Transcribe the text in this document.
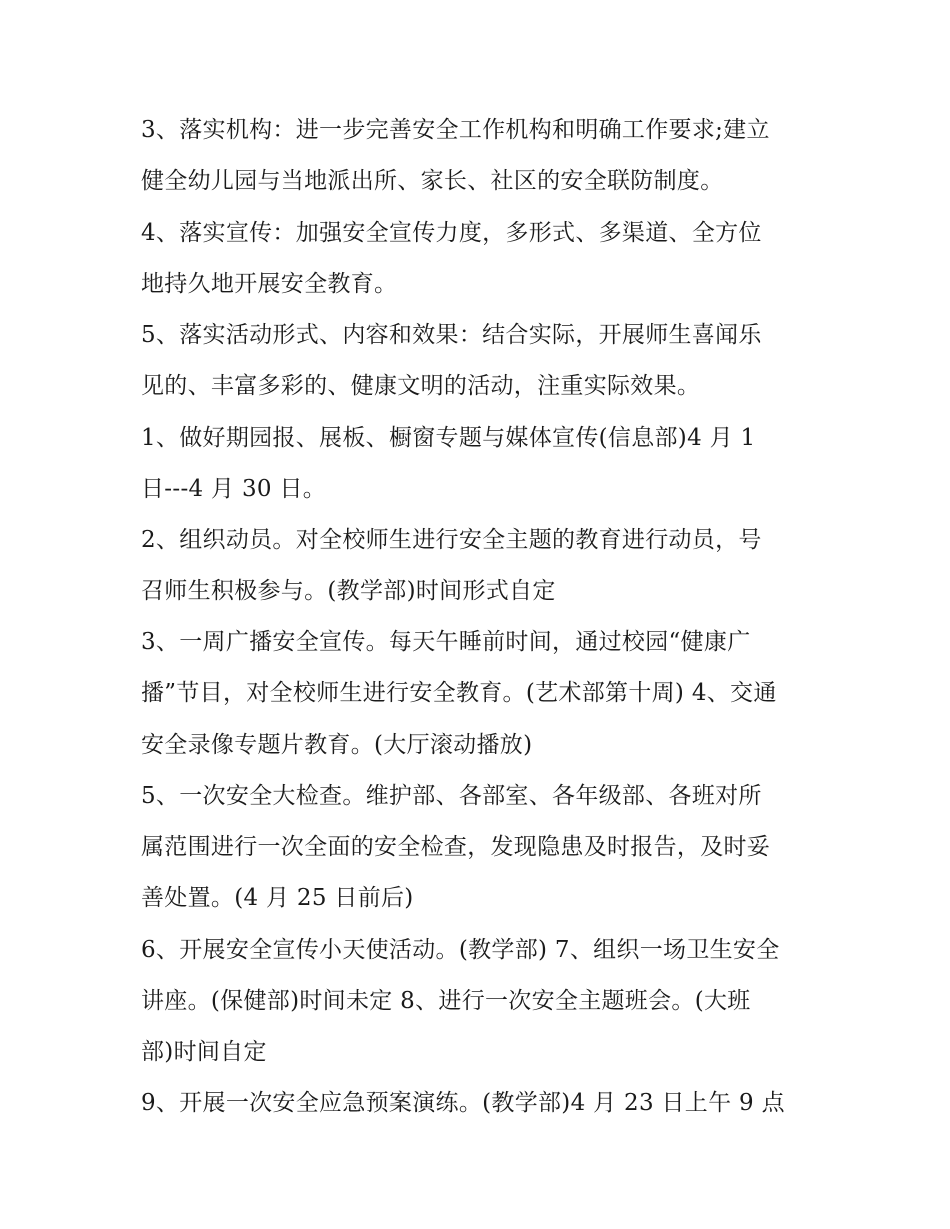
3、落实机构：进一步完善安全工作机构和明确工作要求;建立
健全幼儿园与当地派出所、家长、社区的安全联防制度。
4、落实宣传：加强安全宣传力度，多形式、多渠道、全方位
地持久地开展安全教育。
5、落实活动形式、内容和效果：结合实际，开展师生喜闻乐
见的、丰富多彩的、健康文明的活动，注重实际效果。
1、做好期园报、展板、橱窗专题与媒体宣传(信息部)4 月 1
日---4 月 30 日。
2、组织动员。对全校师生进行安全主题的教育进行动员，号
召师生积极参与。(教学部)时间形式自定
3、一周广播安全宣传。每天午睡前时间，通过校园“健康广
播”节目，对全校师生进行安全教育。(艺术部第十周) 4、交通
安全录像专题片教育。(大厅滚动播放)
5、一次安全大检查。维护部、各部室、各年级部、各班对所
属范围进行一次全面的安全检查，发现隐患及时报告，及时妥
善处置。(4 月 25 日前后)
6、开展安全宣传小天使活动。(教学部) 7、组织一场卫生安全
讲座。(保健部)时间未定 8、进行一次安全主题班会。(大班
部)时间自定
9、开展一次安全应急预案演练。(教学部)4 月 23 日上午 9 点
